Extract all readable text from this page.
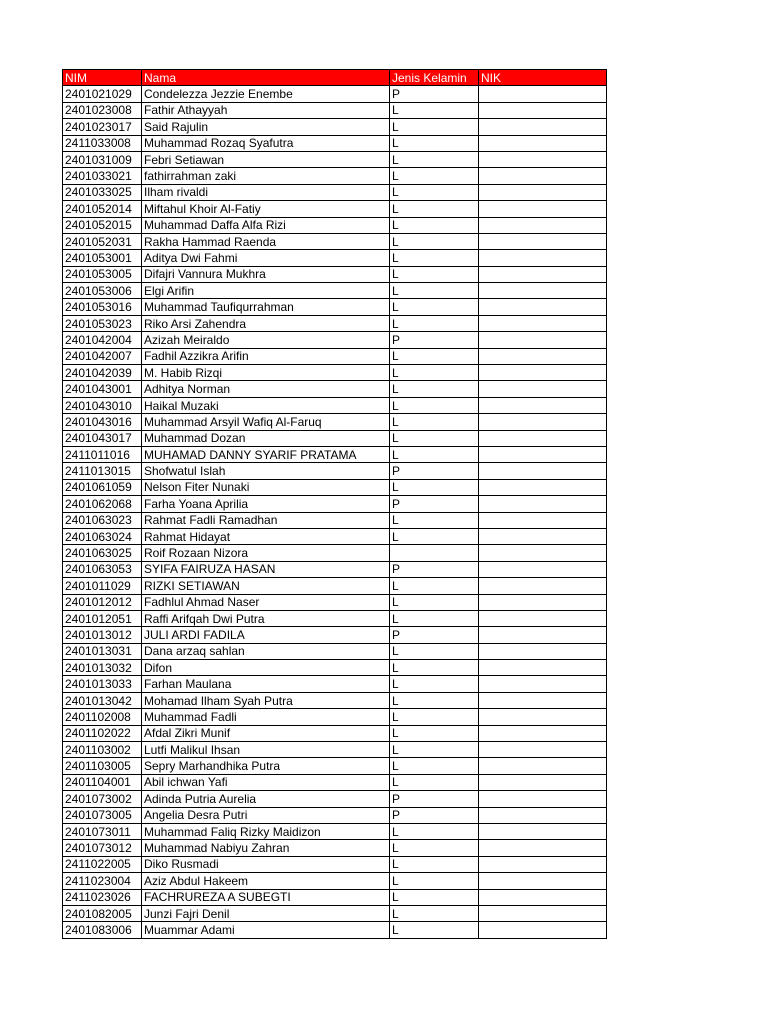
NIM	Nama	Jenis Kelamin	NIK
2401021029	Condelezza Jezzie Enembe	P	
2401023008	Fathir Athayyah	L	
2401023017	Said Rajulin	L	
2411033008	Muhammad Rozaq Syafutra	L	
2401031009	Febri Setiawan	L	
2401033021	fathirrahman zaki	L	
2401033025	Ilham rivaldi	L	
2401052014	Miftahul Khoir Al-Fatiy	L	
2401052015	Muhammad Daffa Alfa Rizi	L	
2401052031	Rakha Hammad Raenda	L	
2401053001	Aditya Dwi Fahmi	L	
2401053005	Difajri Vannura Mukhra	L	
2401053006	Elgi Arifin	L	
2401053016	Muhammad Taufiqurrahman	L	
2401053023	Riko Arsi Zahendra	L	
2401042004	Azizah Meiraldo	P	
2401042007	Fadhil Azzikra Arifin	L	
2401042039	M. Habib Rizqi	L	
2401043001	Adhitya Norman	L	
2401043010	Haikal Muzaki	L	
2401043016	Muhammad Arsyil Wafiq Al-Faruq	L	
2401043017	Muhammad Dozan	L	
2411011016	MUHAMAD DANNY SYARIF PRATAMA	L	
2411013015	Shofwatul Islah	P	
2401061059	Nelson Fiter Nunaki	L	
2401062068	Farha Yoana Aprilia	P	
2401063023	Rahmat Fadli Ramadhan	L	
2401063024	Rahmat Hidayat	L	
2401063025	Roif Rozaan Nizora		
2401063053	SYIFA FAIRUZA HASAN	P	
2401011029	RIZKI SETIAWAN	L	
2401012012	Fadhlul Ahmad Naser	L	
2401012051	Raffi Arifqah Dwi Putra	L	
2401013012	JULI ARDI FADILA	P	
2401013031	Dana arzaq sahlan	L	
2401013032	Difon	L	
2401013033	Farhan Maulana	L	
2401013042	Mohamad Ilham Syah Putra	L	
2401102008	Muhammad Fadli	L	
2401102022	Afdal Zikri Munif	L	
2401103002	Lutfi Malikul Ihsan	L	
2401103005	Sepry Marhandhika Putra	L	
2401104001	Abil ichwan Yafi	L	
2401073002	Adinda Putria Aurelia	P	
2401073005	Angelia Desra Putri	P	
2401073011	Muhammad Faliq Rizky Maidizon	L	
2401073012	Muhammad Nabiyu Zahran	L	
2411022005	Diko Rusmadi	L	
2411023004	Aziz Abdul Hakeem	L	
2411023026	FACHRUREZA A SUBEGTI	L	
2401082005	Junzi Fajri Denil	L	
2401083006	Muammar Adami	L	
